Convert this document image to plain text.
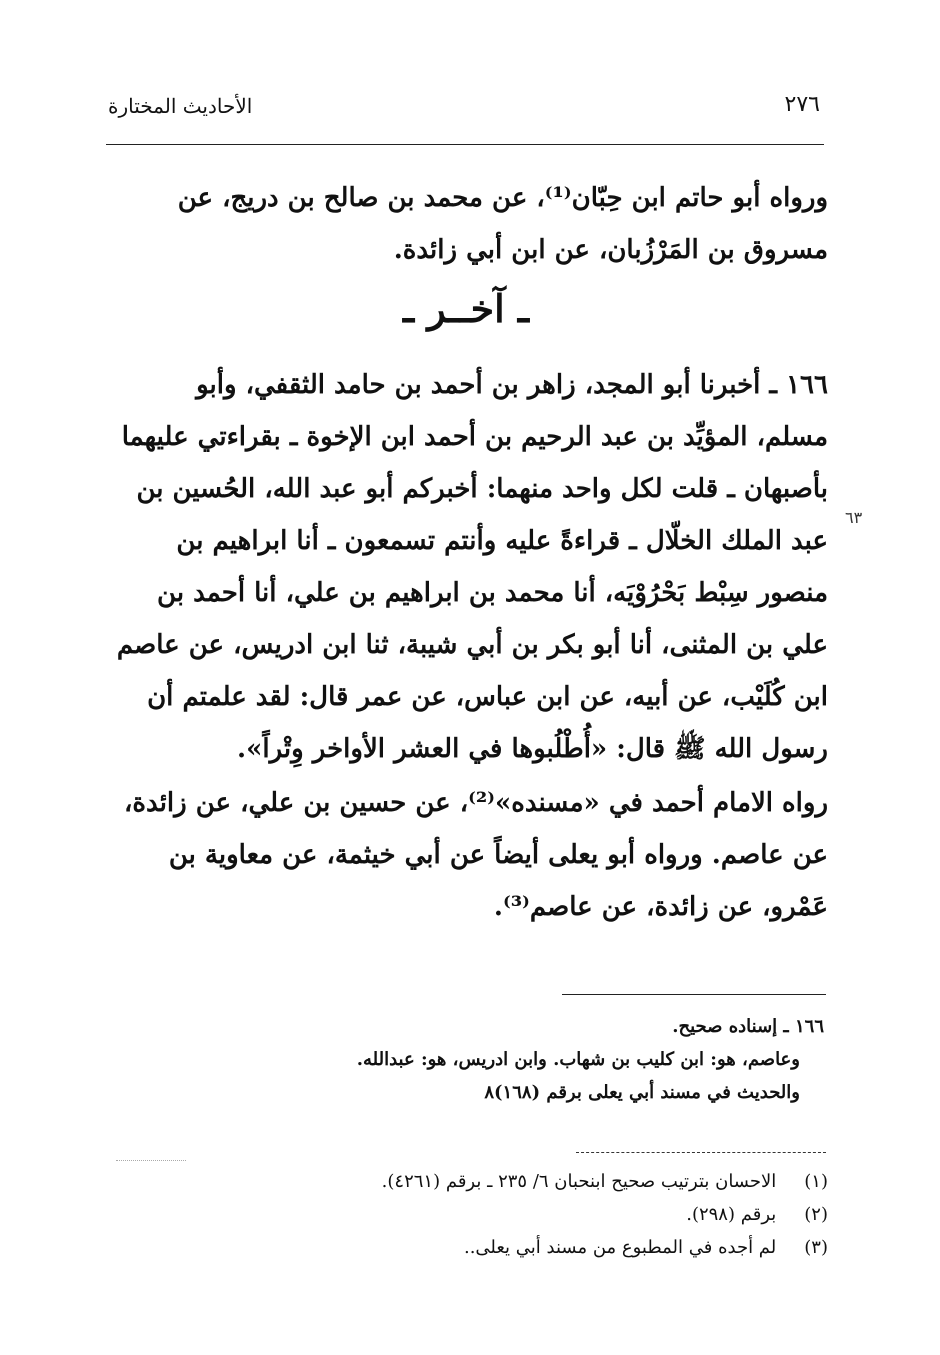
٢٧٦
الأحاديث المختارة
ورواه أبو حاتم ابن حِبّان⁽¹⁾، عن محمد بن صالح بن دريج، عن
مسروق بن المَرْزُبان، عن ابن أبي زائدة.
ـ آخــر ـ
١٦٦ ـ أخبرنا أبو المجد، زاهر بن أحمد بن حامد الثقفي، وأبو
مسلم، المؤيِّد بن عبد الرحيم بن أحمد ابن الإخوة ـ بقراءتي عليهما
بأصبهان ـ قلت لكل واحد منهما: أخبركم أبو عبد الله، الحُسين بن
عبد الملك الخلّال ـ قراءةً عليه وأنتم تسمعون ـ أنا ابراهيم بن
منصور سِبْط بَحْرُوْيَه، أنا محمد بن ابراهيم بن علي، أنا أحمد بن
علي بن المثنى، أنا أبو بكر بن أبي شيبة، ثنا ابن ادريس، عن عاصم
ابن كُلَيْب، عن أبيه، عن ابن عباس، عن عمر قال: لقد علمتم أن
رسول الله ﷺ قال: «أُطْلُبوها في العشر الأواخر وِتْراً».
٦٣
رواه الامام أحمد في «مسنده»⁽²⁾، عن حسين بن علي، عن زائدة،
عن عاصم. ورواه أبو يعلى أيضاً عن أبي خيثمة، عن معاوية بن
عَمْرو، عن زائدة، عن عاصم⁽³⁾.
١٦٦ ـ إسناده صحيح.
وعاصم، هو: ابن كليب بن شهاب. وابن ادريس، هو: عبدالله.
والحديث في مسند أبي يعلى برقم (١٦٨)٨
(١) الاحسان بترتيب صحيح ابنحبان ٦/ ٢٣٥ ـ برقم (٤٢٦١).
(٢) برقم (٢٩٨).
(٣) لم أجده في المطبوع من مسند أبي يعلى..
